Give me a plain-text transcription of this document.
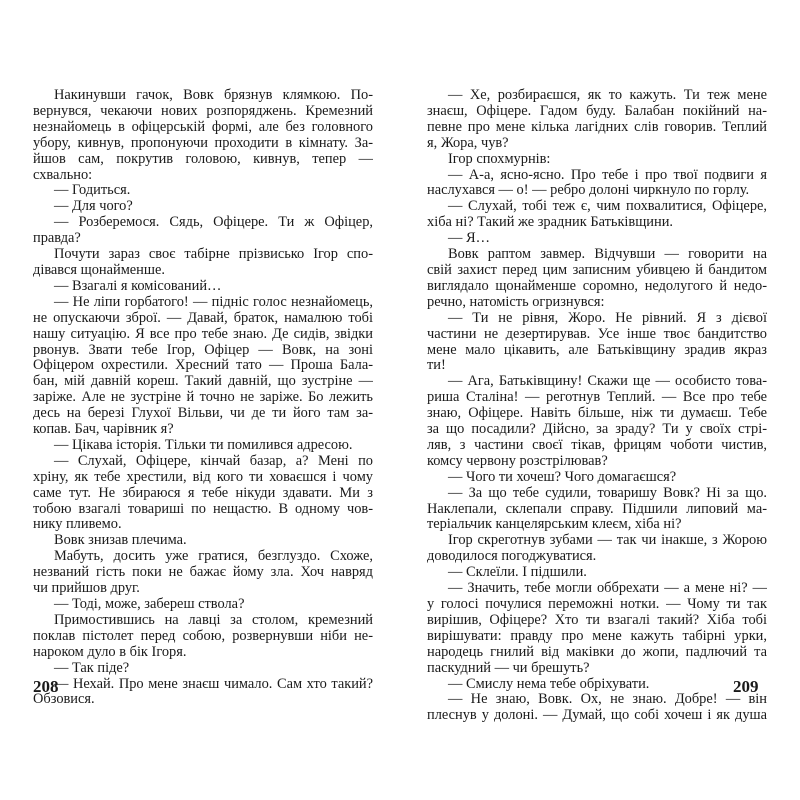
Накинувши гачок, Вовк брязнув клямкою. По-
вернувся, чекаючи нових розпоряджень. Кремезний
незнайомець в офіцерській формі, але без головного
убору, кивнув, пропонуючи проходити в кімнату. За-
йшов сам, покрутив головою, кивнув, тепер —
схвально:
— Годиться.
— Для чого?
— Розберемося. Сядь, Офіцере. Ти ж Офіцер,
правда?
Почути зараз своє табірне прізвисько Ігор спо-
дівався щонайменше.
— Взагалі я комісований…
— Не ліпи горбатого! — підніс голос незнайомець,
не опускаючи зброї. — Давай, браток, намалюю тобі
нашу ситуацію. Я все про тебе знаю. Де сидів, звідки
рвонув. Звати тебе Ігор, Офіцер — Вовк, на зоні
Офіцером охрестили. Хресний тато — Проша Бала-
бан, мій давній кореш. Такий давній, що зустріне —
заріже. Але не зустріне й точно не заріже. Бо лежить
десь на березі Глухої Вільви, чи де ти його там за-
копав. Бач, чарівник я?
— Цікава історія. Тільки ти помилився адресою.
— Слухай, Офіцере, кінчай базар, а? Мені по
хріну, як тебе хрестили, від кого ти ховаєшся і чому
саме тут. Не збираюся я тебе нікуди здавати. Ми з
тобою взагалі товариші по нещастю. В одному чов-
нику пливемо.
Вовк знизав плечима.
Мабуть, досить уже гратися, безглуздо. Схоже,
незваний гість поки не бажає йому зла. Хоч навряд
чи прийшов друг.
— Тоді, може, забереш ствола?
Примостившись на лавці за столом, кремезний
поклав пістолет перед собою, розвернувши ніби не-
нароком дуло в бік Ігоря.
— Так піде?
— Нехай. Про мене знаєш чимало. Сам хто такий?
Обзовися.
208
— Хе, розбираєшся, як то кажуть. Ти теж мене
знаєш, Офіцере. Гадом буду. Балабан покійний на-
певне про мене кілька лагідних слів говорив. Теплий
я, Жора, чув?
Ігор спохмурнів:
— А-а, ясно-ясно. Про тебе і про твої подвиги я
наслухався — о! — ребро долоні чиркнуло по горлу.
— Слухай, тобі теж є, чим похвалитися, Офіцере,
хіба ні? Такий же зрадник Батьківщини.
— Я…
Вовк раптом завмер. Відчувши — говорити на
свій захист перед цим записним убивцею й бандитом
виглядало щонайменше соромно, недолугого й недо-
речно, натомість огризнувся:
— Ти не рівня, Жоро. Не рівний. Я з дієвої
частини не дезертирував. Усе інше твоє бандитство
мене мало цікавить, але Батьківщину зрадив якраз
ти!
— Ага, Батьківщину! Скажи ще — особисто това-
риша Сталіна! — реготнув Теплий. — Все про тебе
знаю, Офіцере. Навіть більше, ніж ти думаєш. Тебе
за що посадили? Дійсно, за зраду? Ти у своїх стрі-
ляв, з частини своєї тікав, фрицям чоботи чистив,
комсу червону розстрілював?
— Чого ти хочеш? Чого домагаєшся?
— За що тебе судили, товаришу Вовк? Ні за що.
Наклепали, склепали справу. Підшили липовий ма-
теріальчик канцелярським клеєм, хіба ні?
Ігор скреготнув зубами — так чи інакше, з Жорою
доводилося погоджуватися.
— Склеїли. І підшили.
— Значить, тебе могли оббрехати — а мене ні? —
у голосі почулися переможні нотки. — Чому ти так
вирішив, Офіцере? Хто ти взагалі такий? Хіба тобі
вирішувати: правду про мене кажуть табірні урки,
народець гнилий від маківки до жопи, падлючий та
паскудний — чи брешуть?
— Смислу нема тебе обріхувати.
— Не знаю, Вовк. Ох, не знаю. Добре! — він
плеснув у долоні. — Думай, що собі хочеш і як душа
209
